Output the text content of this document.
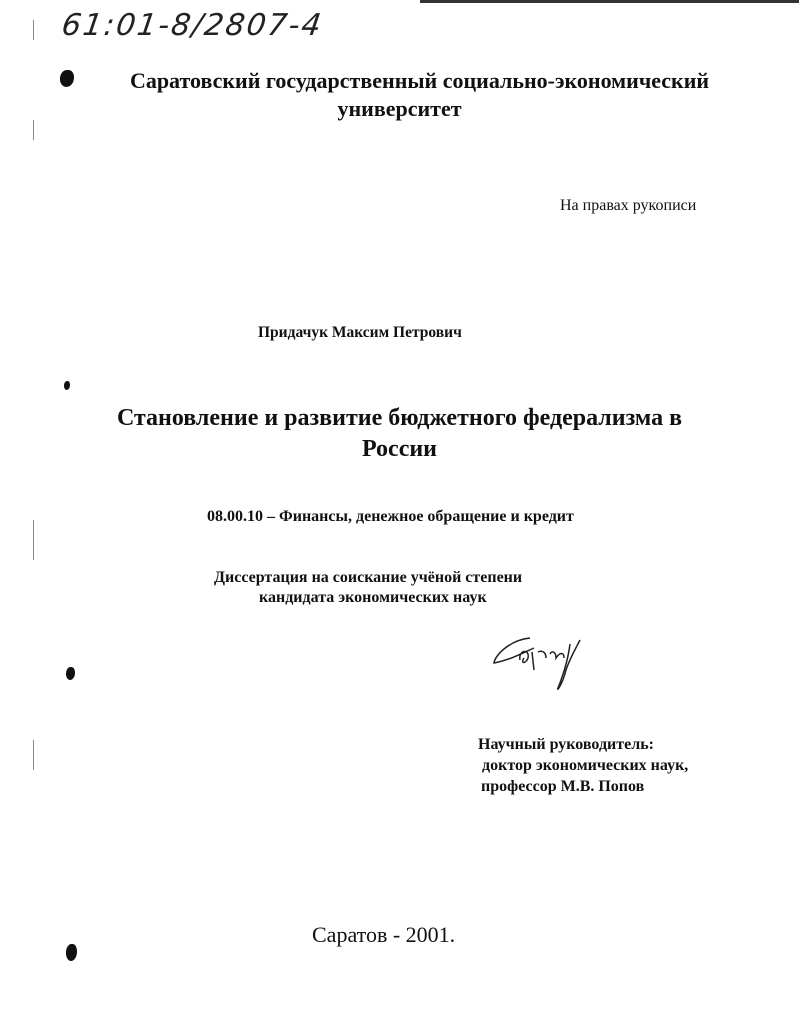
61:01-8/2807-4
Саратовский государственный социально-экономический
университет
На правах рукописи
Придачук Максим Петрович
Становление и развитие бюджетного федерализма в
России
08.00.10 – Финансы, денежное обращение и кредит
Диссертация на соискание учёной степени
кандидата экономических наук
Научный руководитель:
доктор экономических наук,
профессор М.В. Попов
Саратов - 2001.
